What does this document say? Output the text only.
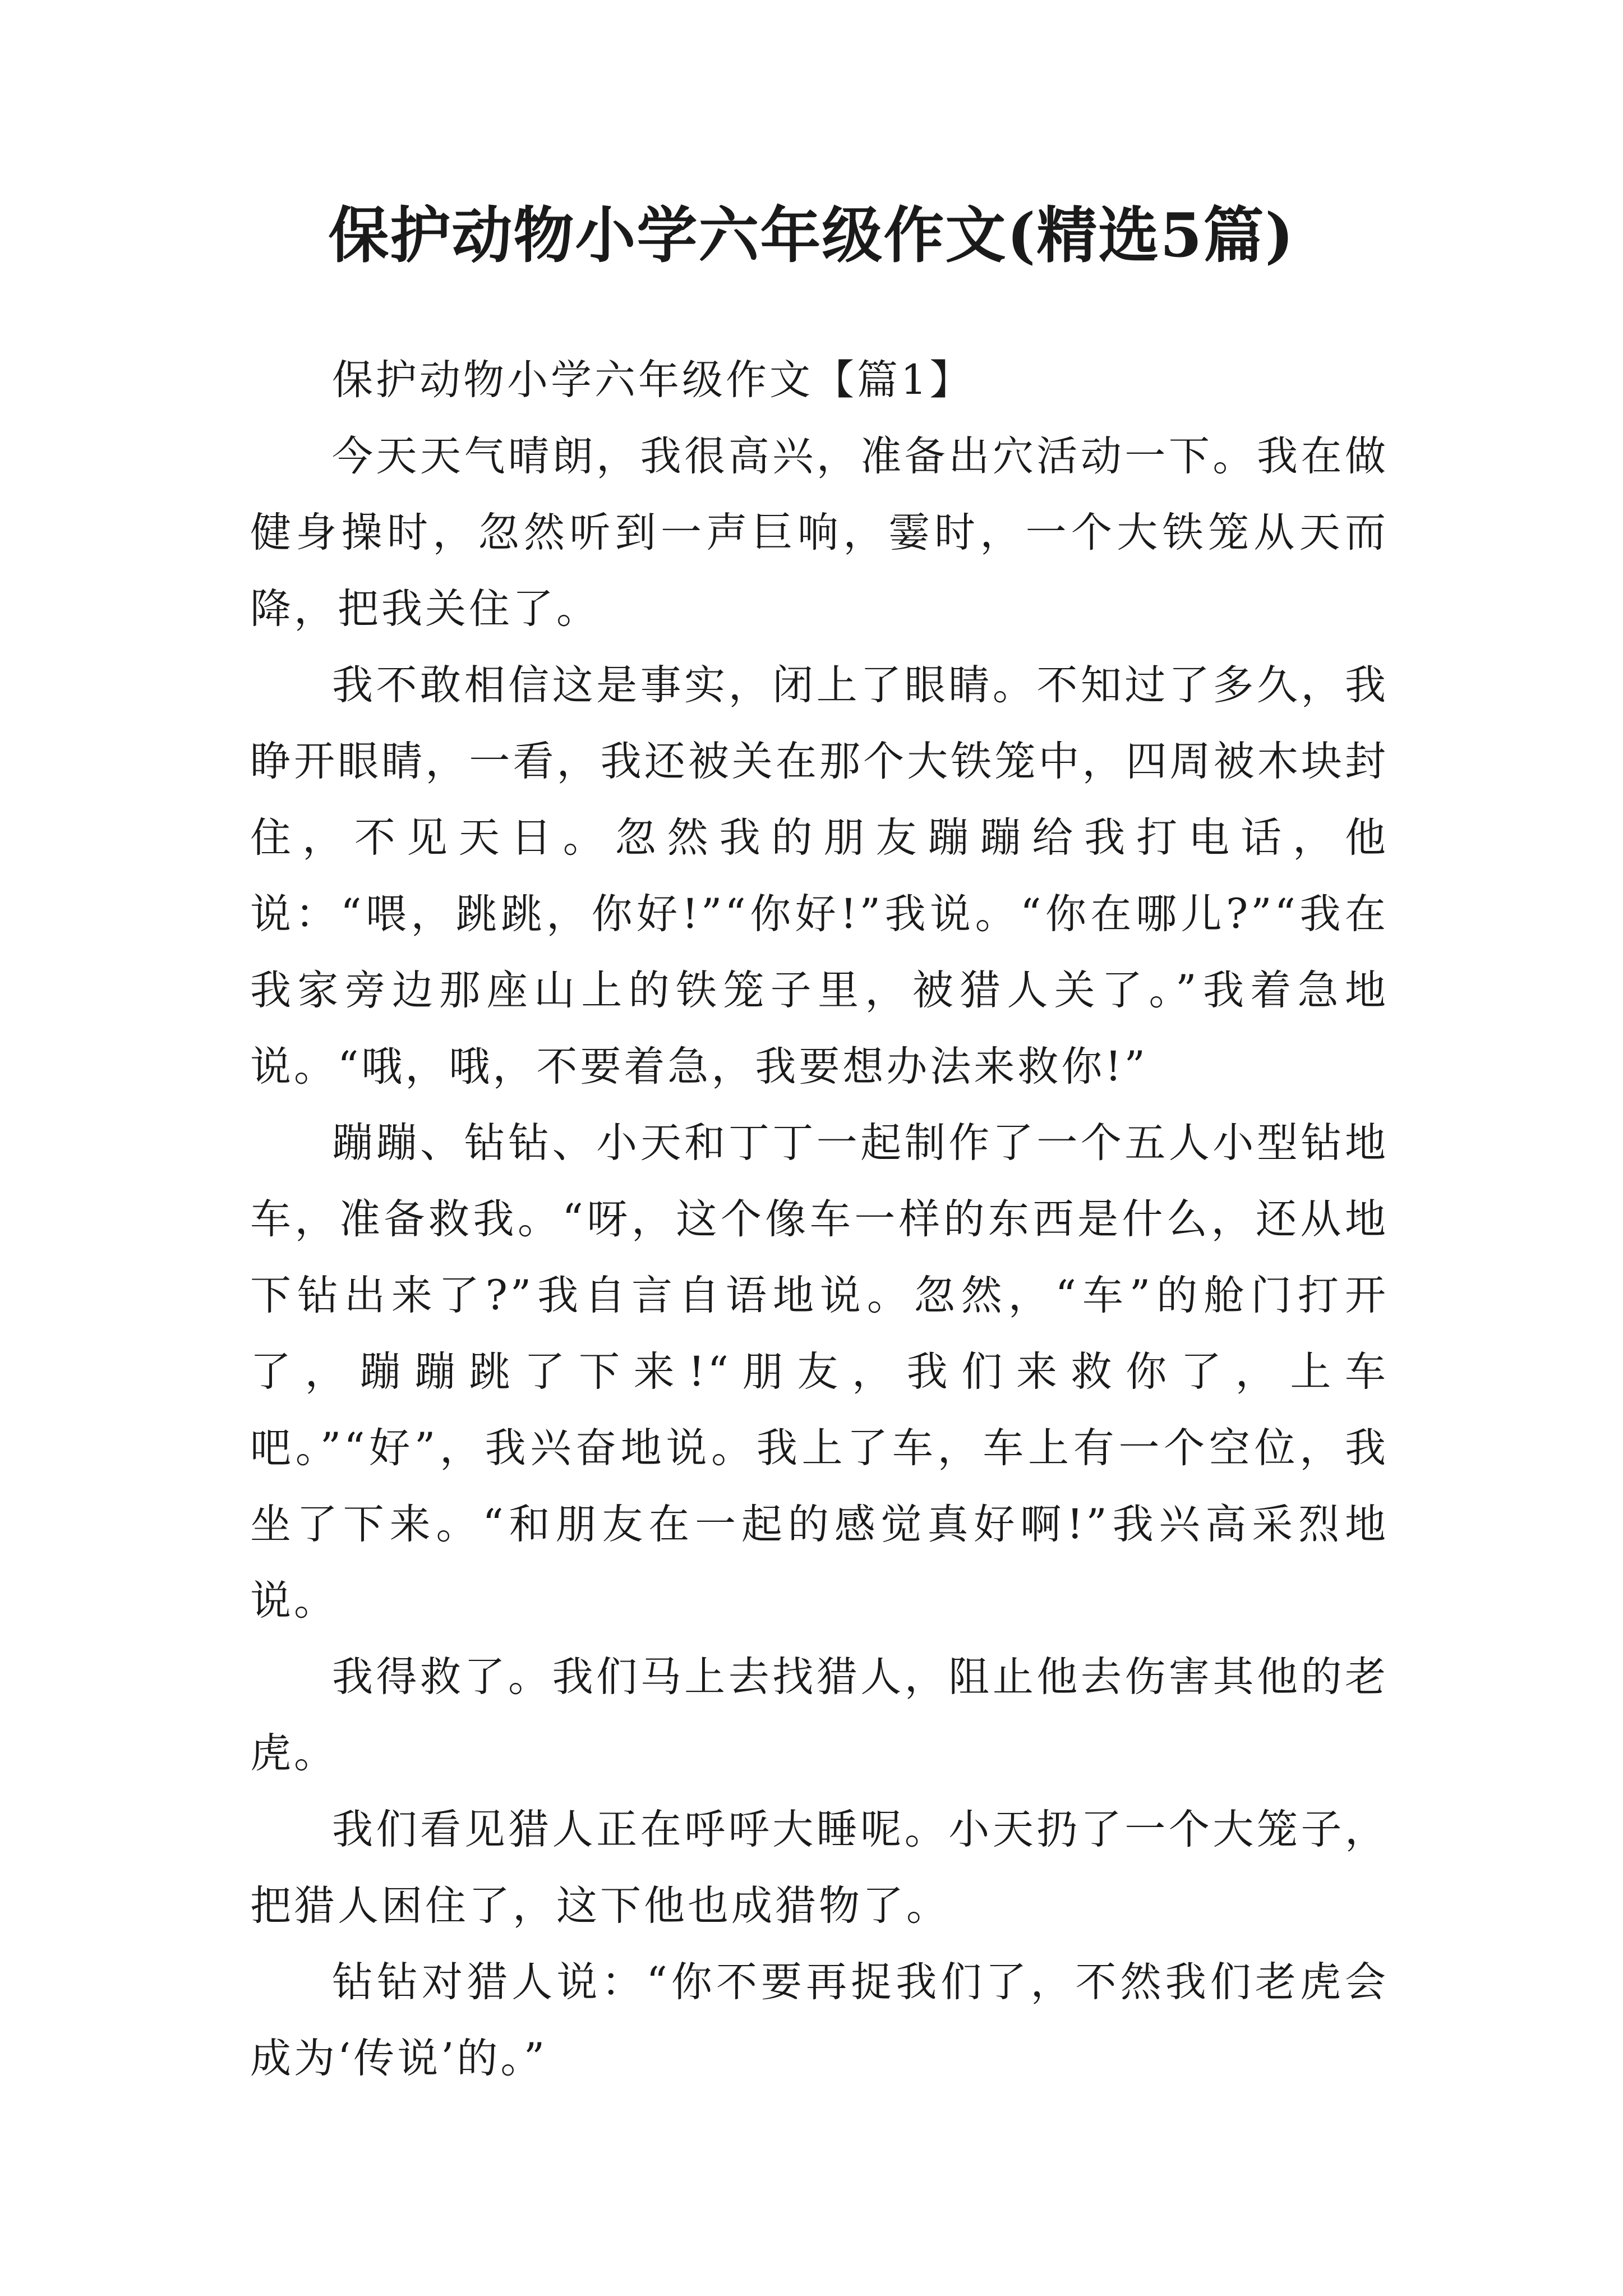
保护动物小学六年级作文(精选5篇)

保护动物小学六年级作文【篇1】

今天天气晴朗，我很高兴，准备出穴活动一下。我在做健身操时，忽然听到一声巨响，霎时，一个大铁笼从天而降，把我关住了。

我不敢相信这是事实，闭上了眼睛。不知过了多久，我睁开眼睛，一看，我还被关在那个大铁笼中，四周被木块封住，不见天日。忽然我的朋友蹦蹦给我打电话，他说：“喂，跳跳，你好!”“你好!”我说。“你在哪儿?”“我在我家旁边那座山上的铁笼子里，被猎人关了。”我着急地说。“哦，哦，不要着急，我要想办法来救你!”

蹦蹦、钻钻、小天和丁丁一起制作了一个五人小型钻地车，准备救我。“呀，这个像车一样的东西是什么，还从地下钻出来了?”我自言自语地说。忽然，“车”的舱门打开了，蹦蹦跳了下来!“朋友，我们来救你了，上车吧。”“好”，我兴奋地说。我上了车，车上有一个空位，我坐了下来。“和朋友在一起的感觉真好啊!”我兴高采烈地说。

我得救了。我们马上去找猎人，阻止他去伤害其他的老虎。

我们看见猎人正在呼呼大睡呢。小天扔了一个大笼子，把猎人困住了，这下他也成猎物了。

钻钻对猎人说：“你不要再捉我们了，不然我们老虎会成为‘传说’的。”
